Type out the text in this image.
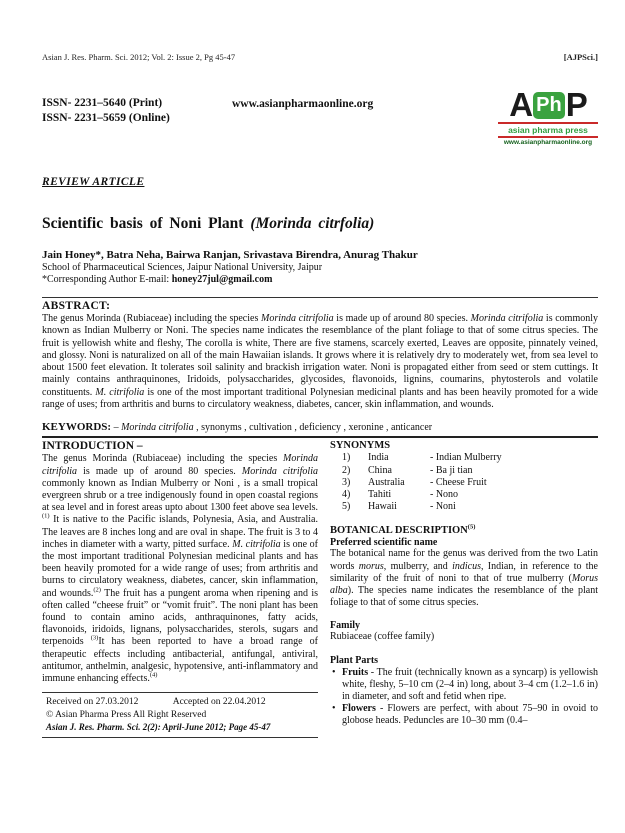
Asian J. Res. Pharm. Sci. 2012; Vol. 2: Issue 2, Pg 45-47	[AJPSci.]
ISSN- 2231–5640 (Print)
ISSN- 2231–5659 (Online)
www.asianpharmaonline.org	A Ph P
asian pharma press
www.asianpharmaonline.org
REVIEW ARTICLE
Scientific basis of Noni Plant (Morinda citrfolia)
Jain Honey*, Batra Neha, Bairwa Ranjan, Srivastava Birendra, Anurag Thakur
School of Pharmaceutical Sciences, Jaipur National University, Jaipur
*Corresponding Author E-mail: honey27jul@gmail.com
ABSTRACT:

The genus Morinda (Rubiaceae) including the species Morinda citrifolia is made up of around 80 species. Morinda citrifolia is commonly known as Indian Mulberry or Noni. The species name indicates the resemblance of the plant foliage to that of some citrus species. The fruit is yellowish white and fleshy, The corolla is white, There are five stamens, scarcely exerted, Leaves are opposite, pinnately veined, and glossy. Noni is naturalized on all of the main Hawaiian islands. It grows where it is relatively dry to moderately wet, from sea level to about 1500 feet elevation. It tolerates soil salinity and brackish irrigation water. Noni is propagated either from seed or stem cuttings. It mainly contains anthraquinones, Iridoids, polysaccharides, glycosides, flavonoids, lignins, coumarins, phytosterols and volatile constituents. M. citrifolia is one of the most important traditional Polynesian medicinal plants and has been heavily promoted for a wide range of uses; from arthritis and burns to circulatory weakness, diabetes, cancer, skin inflammation, and wounds.

KEYWORDS: – Morinda citrifolia , synonyms , cultivation , deficiency , xeronine , anticancer
INTRODUCTION –

The genus Morinda (Rubiaceae) including the species Morinda citrifolia is made up of around 80 species. Morinda citrifolia commonly known as Indian Mulberry or Noni , is a small tropical evergreen shrub or a tree indigenously found in open coastal regions at sea level and in forest areas upto about 1300 feet above sea levels.$^{(1)}$ It is native to the Pacific islands, Polynesia, Asia, and Australia. The leaves are 8 inches long and are oval in shape. The fruit is 3 to 4 inches in diameter with a warty, pitted surface. M. citrifolia is one of the most important traditional Polynesian medicinal plants and has been heavily promoted for a wide range of uses; from arthritis and burns to circulatory weakness, diabetes, cancer, skin inflammation, and wounds.$^{(2)}$ The fruit has a pungent aroma when ripening and is often called “cheese fruit” or “vomit fruit”. The noni plant has been found to contain amino acids, anthraquinones, fatty acids, flavonoids, iridoids, lignans, polysaccharides, sterols, sugars and terpenoids $^{(3)}$It has been reported to have a broad range of therapeutic effects including antibacterial, antifungal, antiviral, antitumor, anthelmin, analgesic, hypotensive, anti-inflammatory and immune enhancing effects.$^{(4)}$

Received on 27.03.2012	Accepted on 22.04.2012
© Asian Pharma Press All Right Reserved
Asian J. Res. Pharm. Sci. 2(2): April-June 2012; Page 45-47
SYNONYMS
1)	India	- Indian Mulberry
2)	China	- Ba ji tian
3)	Australia	- Cheese Fruit
4)	Tahiti	- Nono
5)	Hawaii	- Noni
BOTANICAL DESCRIPTION$^{(5)}$
Preferred scientific name

The botanical name for the genus was derived from the two Latin words morus, mulberry, and indicus, Indian, in reference to the similarity of the fruit of noni to that of true mulberry (Morus alba). The species name indicates the resemblance of the plant foliage to that of some citrus species.

Family
Rubiaceae (coffee family)
Plant Parts
• Fruits - The fruit (technically known as a syncarp) is yellowish white, fleshy, 5–10 cm (2–4 in) long, about 3–4 cm (1.2–1.6 in) in diameter, and soft and fetid when ripe.
• Flowers - Flowers are perfect, with about 75–90 in ovoid to globose heads. Peduncles are 10–30 mm (0.4–
